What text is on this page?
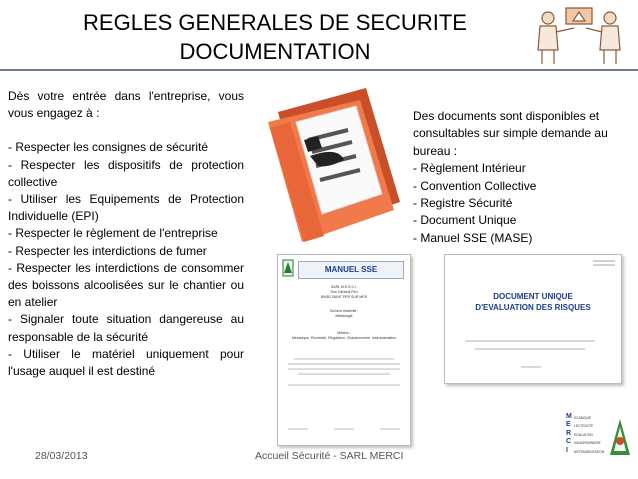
REGLES GENERALES DE SECURITE
DOCUMENTATION

Dès votre entrée dans l'entreprise, vous vous engagez à :

- Respecter les consignes de sécurité

- Respecter les dispositifs de protection collective

- Utiliser les Equipements de Protection Individuelle (EPI)

- Respecter le règlement de l'entreprise

- Respecter les interdictions de fumer

- Respecter les interdictions de consommer des boissons alcoolisées sur le chantier ou en atelier

- Signaler toute situation dangereuse au responsable de la sécurité

- Utiliser le matériel uniquement pour l'usage auquel il est destiné

Des documents sont disponibles et consultables sur simple demande au bureau :

- Règlement Intérieur

- Convention Collective

- Registre Sécurité

- Document Unique

- Manuel SSE (MASE)

MANUEL SSE
SARL M.E.R.C.I.
Rue Général Pen
89450 SAINT PER SUR MER
Surveur d'activité :
Métallurgie
Métiers :
Mécanique, Electricité, Régulation, Chaudronnerie, Instrumentation
DOCUMENT UNIQUE
D'EVALUATION DES RISQUES
M
E
R
C
I
ECANIQUE
LECTRICITE
EGULATION
HAUDRONNERIE
NSTRUMENTATION
28/03/2013	Accueil Sécurité - SARL MERCI
